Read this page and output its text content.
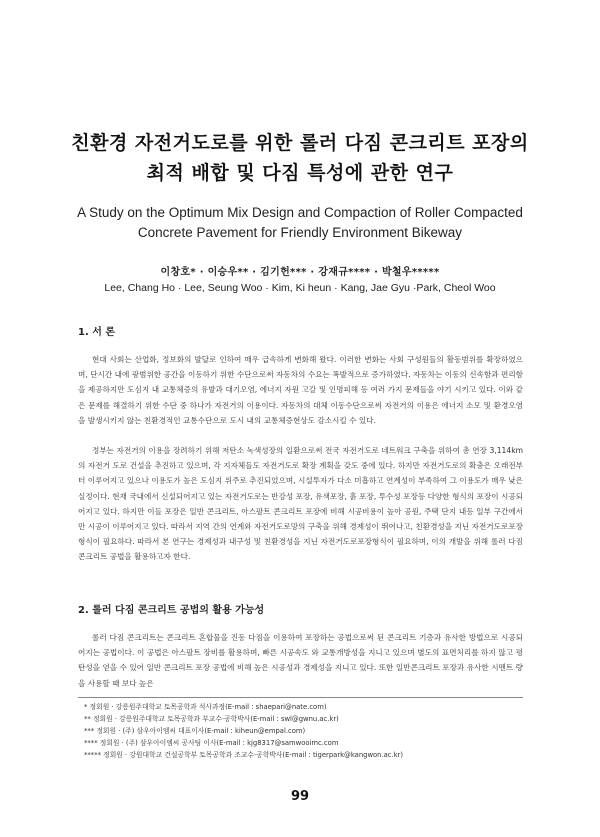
친환경 자전거도로를 위한 롤러 다짐 콘크리트 포장의
최적 배합 및 다짐 특성에 관한 연구
A Study on the Optimum Mix Design and Compaction of Roller Compacted
Concrete Pavement for Friendly Environment Bikeway
이창호* · 이승우** · 김기헌*** · 강재규**** · 박철우*****
Lee, Chang Ho · Lee, Seung Woo · Kim, Ki heun · Kang, Jae Gyu ·Park, Cheol Woo
1. 서 론

현대 사회는 산업화, 정보화의 발달로 인하여 매우 급속하게 변화해 왔다. 이러한 변화는 사회 구성원들의 활동범위를 확장하였으며, 단시간 내에 광범위한 공간을 이동하기 위한 수단으로써 자동차의 수요는 폭발적으로 증가하였다. 자동차는 이동의 신속함과 편리함을 제공하지만 도심지 내 교통체증의 유발과 대기오염, 에너지 자원 고갈 및 인명피해 등 여러 가지 문제들을 야기 시키고 있다. 이와 같은 문제를 해결하기 위한 수단 중 하나가 자전거의 이용이다. 자동차의 대체 이동수단으로써 자전거의 이용은 에너지 소모 및 환경오염을 발생시키지 않는 친환경적인 교통수단으로 도시 내의 교통체증현상도 감소시킬 수 있다.

정부는 자전거의 이용을 장려하기 위해 저탄소 녹색성장의 일환으로써 전국 자전거도로 네트워크 구축을 위하여 총 연장 3,114km의 자전거 도로 건설을 추진하고 있으며, 각 지자체들도 자전거도로 확장 계획을 갖도 중에 있다. 하지만 자전거도로의 확충은 오래전부터 이루어지고 있으나 이용도가 높은 도심지 위주로 추진되었으며, 시설투자가 다소 미흡하고 연계성이 부족하여 그 이용도가 매우 낮은 실정이다. 현재 국내에서 신설되어지고 있는 자전거도로는 반강성 포장, 유색포장, 흙 포장, 투수성 포장등 다양한 형식의 포장이 시공되어지고 있다. 하지만 이들 포장은 일반 콘크리트, 아스팔트 콘크리트 포장에 비해 시공비용이 높아 공원, 주택 단지 내등 일부 구간에서만 시공이 이루어지고 있다. 따라서 지역 간의 연계와 자전거도로망의 구축을 위해 경제성이 뛰어나고, 친환경성을 지닌 자전거도로포장 형식이 필요하다. 따라서 본 연구는 경제성과 내구성 및 친환경성을 지닌 자전거도로포장형식이 필요하며, 이의 개발을 위해 롤러 다짐 콘크리트 공법을 활용하고자 한다.

2. 롤러 다짐 콘크리트 공법의 활용 가능성

롤러 다짐 콘크리트는 콘크리트 혼합물을 진동 다짐을 이용하여 포장하는 공법으로써 된 콘크리트 기층과 유사한 방법으로 시공되어지는 공법이다. 이 공법은 아스팔트 장비를 활용하며, 빠른 시공속도 와 교통개방성을 지니고 있으며 별도의 표면처리를 하지 않고 평탄성을 얻을 수 있어 일반 콘크리트 포장 공법에 비해 높은 시공성과 경제성을 지니고 있다. 또한 일반콘크리트 포장과 유사한 시멘트 량을 사용할 때 보다 높은

* 정회원 · 강릉원주대학교 토목공학과 석사과정(E-mail : shaepari@nate.com)
** 정회원 · 강릉원주대학교 토목공학과 부교수·공학박사(E-mail : swl@gwnu.ac.kr)
*** 정회원 · (주) 삼우아이엠씨 대표이사(E-mail : kiheun@empal.com)
**** 정회원 · (주) 삼우아이엠씨 공사팀 이사(E-mail : kjg8317@samwooimc.com
***** 정회원 · 강원대학교 건설공학부 토목공학과 조교수·공학박사(E-mail : tigerpark@kangwon.ac.kr)
99
